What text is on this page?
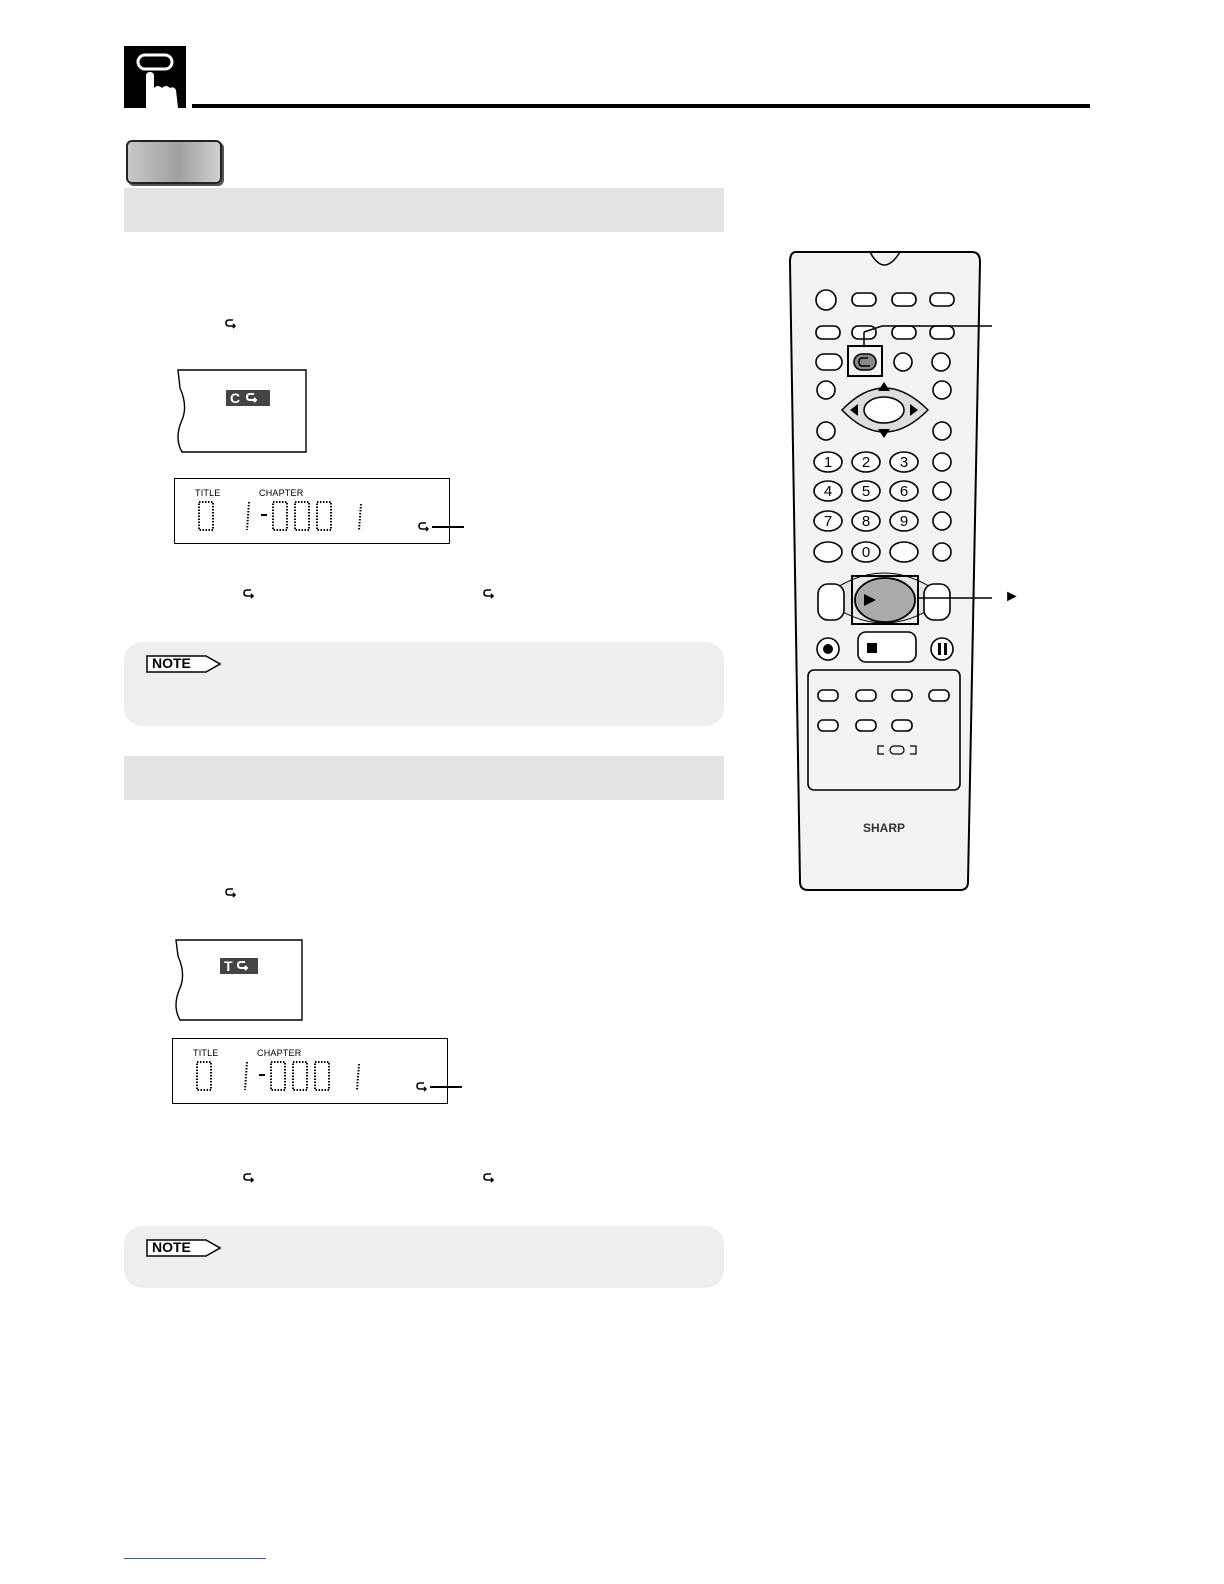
C
TITLE	CHAPTER
NOTE
T
TITLE	CHAPTER
NOTE
1 2 3
4 5 6
7 8 9
0
SHARP
►
